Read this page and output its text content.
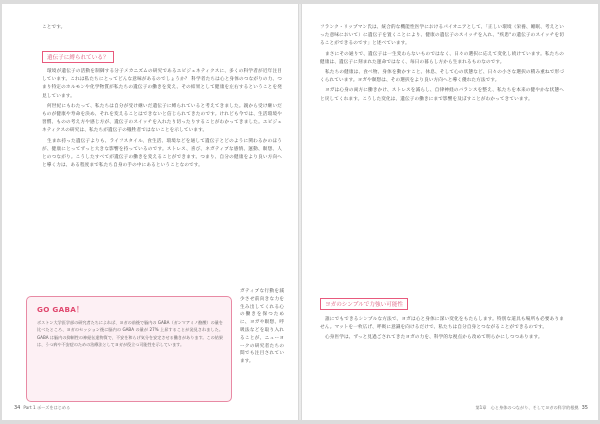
ことです。

遺伝子に縛られている？

環境が遺伝子の活動を制御する分子メカニズムの研究であるエピジェネティクスに、多くの科学者が近年注目しています。これは私たちにとってどんな意味があるのでしょうか？ 科学者たちは心と身体のつながりの力、つまり特定のホルモンや化学物質が私たちの遺伝子の働きを変え、その結果として健康を左右するということを発見しています。

何世紀にもわたって、私たちは自分が受け継いだ遺伝子に縛られていると考えてきました。親から受け継いだものが健康や寿命を決め、それを変えることはできないと信じられてきたのです。けれども今では、生活環境や習慣、ものの考え方や感じ方が、遺伝子のスイッチを入れたり切ったりすることがわかってきました。エピジェネティクスの研究は、私たちが遺伝子の犠牲者ではないことを示しています。

生まれ持った遺伝子よりも、ライフスタイル、食生活、環境などを通して遺伝子とどのように関わるかのほうが、健康にとってずっと大きな影響を持っているのです。ストレス、喜び、ネガティブな感情、運動、瞑想、人とのつながり。こうしたすべてが遺伝子の働きを変えることができます。つまり、自分の健康をより良い方向へと導く力は、ある程度まで私たち自身の手の中にあるということなのです。

ガティブな行動を減少させ前向きな力を生み出してくれる心の働きを保つために、ヨガや瞑想、呼吸法などを取り入れることが、ニューヨークの研究者たちの間でも注目されています。
GO GABA！
ボストン大学医学部の研究者たちによれば、ヨガの前後で脳内の GABA（ガンマアミノ酪酸）の量を比べたところ、ヨガのセッション後に脳内の GABA の量が 27% 上昇することが発見されました。GABA は脳内の抑制性の神経伝達物質で、不安を和らげ気分を安定させる働きがあります。この結果は、うつ病や不安症のための治療法としてヨガが役立つ可能性を示しています。
34 Part 1 ポーズをはじめる

フランク・リップマン氏は、統合的な機能性医学におけるパイオニアとして、「正しい環境（栄養、睡眠、考えといった意味において）に遺伝子を置くことにより、健康の遺伝子のスイッチを入れ、"疾患"の遺伝子のスイッチを切ることができるのです」と述べています。

まさにその通りで、遺伝子は一生変わらないものではなく、日々の選択に応えて変化し続けています。私たちの健康は、遺伝子に刻まれた運命ではなく、毎日の暮らし方から生まれるものなのです。

私たちの健康は、食べ物、身体を動かすこと、休息、そして心の状態など、日々の小さな選択の積み重ねで形づくられています。ヨガや瞑想は、その選択をより良い方向へと導く優れた方法です。

ヨガは心身の両方に働きかけ、ストレスを減らし、自律神経のバランスを整え、私たちを本来の健やかな状態へと戻してくれます。こうした変化は、遺伝子の働きにまで影響を及ぼすことがわかってきています。

ヨガのシンプルで力強い可能性

誰にでもできるシンプルな方法で、ヨガは心と身体に深い変化をもたらします。特別な道具も場所も必要ありません。マットを一枚広げ、呼吸に意識を向けるだけで、私たちは自分自身とつながることができるのです。

心身医学は、ずっと見過ごされてきたヨガの力を、科学的な視点から改めて明らかにしつつあります。

第1章　心と身体のつながり、そしてヨガの科学的根拠 35
